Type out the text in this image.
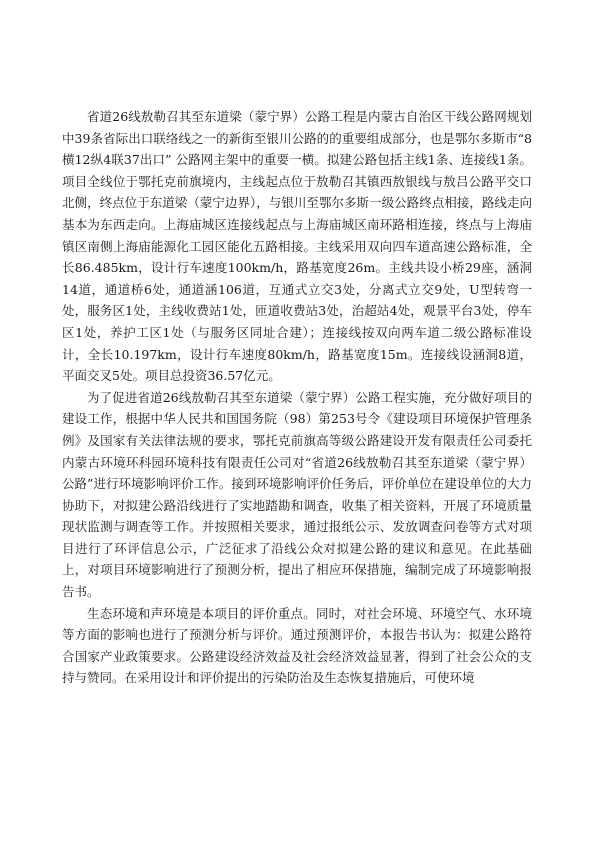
省道26线敖勒召其至东道梁（蒙宁界）公路工程是内蒙古自治区干线公路网规划中39条省际出口联络线之一的新街至银川公路的的重要组成部分，也是鄂尔多斯市“8横12纵4联37出口” 公路网主架中的重要一横。拟建公路包括主线1条、连接线1条。项目全线位于鄂托克前旗境内，主线起点位于敖勒召其镇西敖银线与敖吕公路平交口北侧，终点位于东道梁（蒙宁边界），与银川至鄂尔多斯一级公路终点相接，路线走向基本为东西走向。上海庙城区连接线起点与上海庙城区南环路相连接，终点与上海庙镇区南侧上海庙能源化工园区能化五路相接。主线采用双向四车道高速公路标准，全长86.485km，设计行车速度100km/h，路基宽度26m。主线共设小桥29座，涵洞14道，通道桥6处，通道涵106道，互通式立交3处，分离式立交9处，U型转弯一处，服务区1处，主线收费站1处，匝道收费站3处，治超站4处，观景平台3处，停车区1处，养护工区1处（与服务区同址合建）；连接线按双向两车道二级公路标准设计，全长10.197km，设计行车速度80km/h，路基宽度15m。连接线设涵洞8道，平面交叉5处。项目总投资36.57亿元。

为了促进省道26线敖勒召其至东道梁（蒙宁界）公路工程实施，充分做好项目的建设工作，根据中华人民共和国国务院（98）第253号令《建设项目环境保护管理条例》及国家有关法律法规的要求，鄂托克前旗高等级公路建设开发有限责任公司委托内蒙古环境环科园环境科技有限责任公司对“省道26线敖勒召其至东道梁（蒙宁界）公路”进行环境影响评价工作。接到环境影响评价任务后，评价单位在建设单位的大力协助下，对拟建公路沿线进行了实地踏勘和调查，收集了相关资料，开展了环境质量现状监测与调查等工作。并按照相关要求，通过报纸公示、发放调查问卷等方式对项目进行了环评信息公示，广泛征求了沿线公众对拟建公路的建议和意见。在此基础上，对项目环境影响进行了预测分析，提出了相应环保措施，编制完成了环境影响报告书。

生态环境和声环境是本项目的评价重点。同时，对社会环境、环境空气、水环境等方面的影响也进行了预测分析与评价。通过预测评价，本报告书认为：拟建公路符合国家产业政策要求。公路建设经济效益及社会经济效益显著，得到了社会公众的支持与赞同。在采用设计和评价提出的污染防治及生态恢复措施后，可使环境
